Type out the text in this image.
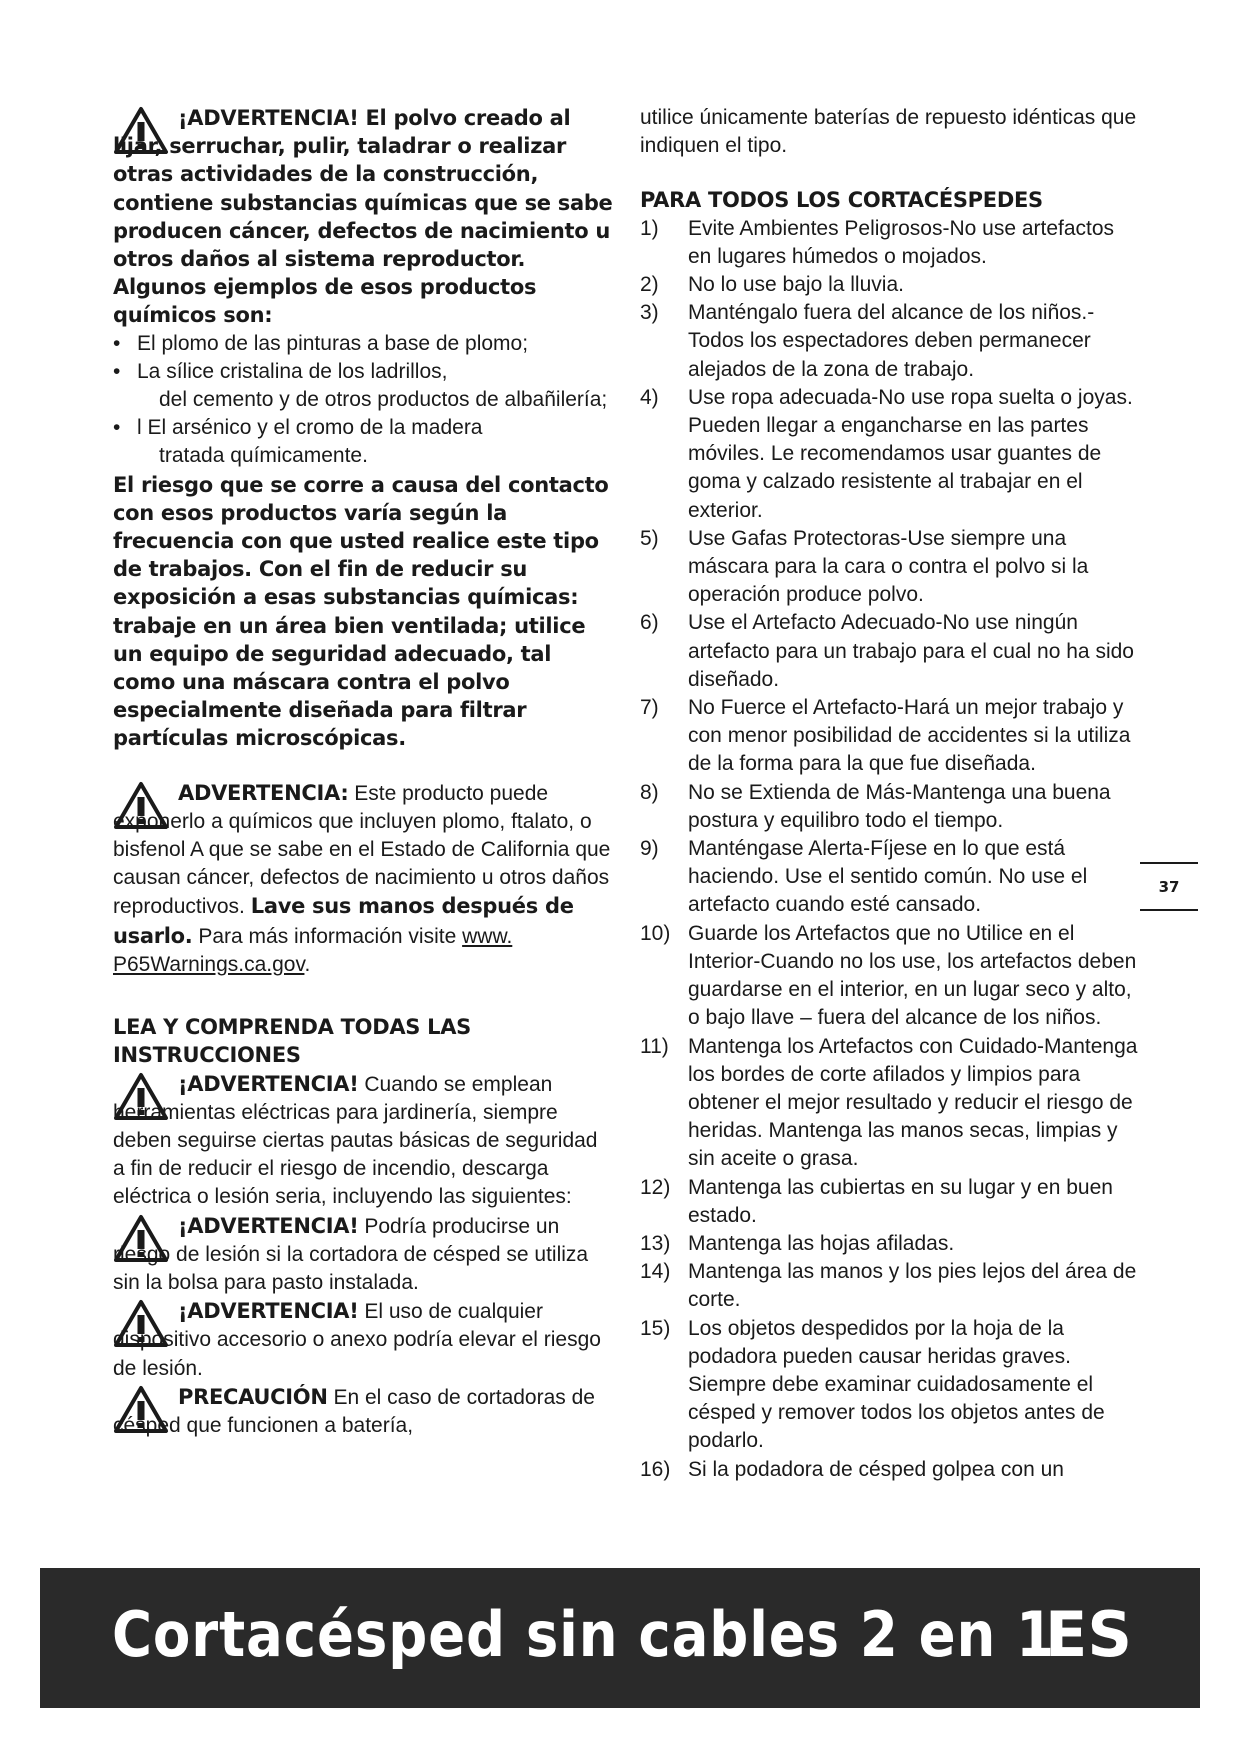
¡ADVERTENCIA! El polvo creado al lijar, serruchar, pulir, taladrar o realizar otras actividades de la construcción, contiene substancias químicas que se sabe producen cáncer, defectos de nacimiento u otros daños al sistema reproductor. Algunos ejemplos de esos productos químicos son:

• El plomo de las pinturas a base de plomo;
• La sílice cristalina de los ladrillos,
del cemento y de otros productos de albañilería;
• l El arsénico y el cromo de la madera
tratada químicamente.

El riesgo que se corre a causa del contacto con esos productos varía según la frecuencia con que usted realice este tipo de trabajos. Con el fin de reducir su exposición a esas substancias químicas: trabaje en un área bien ventilada; utilice un equipo de seguridad adecuado, tal como una máscara contra el polvo especialmente diseñada para filtrar partículas microscópicas.

ADVERTENCIA: Este producto puede exponerlo a químicos que incluyen plomo, ftalato, o bisfenol A que se sabe en el Estado de California que causan cáncer, defectos de nacimiento u otros daños reproductivos. Lave sus manos después de usarlo. Para más información visite www. P65Warnings.ca.gov.

LEA Y COMPRENDA TODAS LAS INSTRUCCIONES

¡ADVERTENCIA! Cuando se emplean herramientas eléctricas para jardinería, siempre deben seguirse ciertas pautas básicas de seguridad a fin de reducir el riesgo de incendio, descarga eléctrica o lesión seria, incluyendo las siguientes:

¡ADVERTENCIA! Podría producirse un riesgo de lesión si la cortadora de césped se utiliza sin la bolsa para pasto instalada.

¡ADVERTENCIA! El uso de cualquier dispositivo accesorio o anexo podría elevar el riesgo de lesión.

PRECAUCIÓN En el caso de cortadoras de césped que funcionen a batería,

utilice únicamente baterías de repuesto idénticas que indiquen el tipo.

PARA TODOS LOS CORTACÉSPEDES

1)	Evite Ambientes Peligrosos-No use artefactos en lugares húmedos o mojados.
2)	No lo use bajo la lluvia.
3)	Manténgalo fuera del alcance de los niños.-Todos los espectadores deben permanecer alejados de la zona de trabajo.
4)	Use ropa adecuada-No use ropa suelta o joyas. Pueden llegar a engancharse en las partes móviles. Le recomendamos usar guantes de goma y calzado resistente al trabajar en el exterior.
5)	Use Gafas Protectoras-Use siempre una máscara para la cara o contra el polvo si la operación produce polvo.
6)	Use el Artefacto Adecuado-No use ningún artefacto para un trabajo para el cual no ha sido diseñado.
7)	No Fuerce el Artefacto-Hará un mejor trabajo y con menor posibilidad de accidentes si la utiliza de la forma para la que fue diseñada.
8)	No se Extienda de Más-Mantenga una buena postura y equilibro todo el tiempo.
9)	Manténgase Alerta-Fíjese en lo que está haciendo. Use el sentido común. No use el artefacto cuando esté cansado.
10) Guarde los Artefactos que no Utilice en el Interior-Cuando no los use, los artefactos deben guardarse en el interior, en un lugar seco y alto, o bajo llave – fuera del alcance de los niños.
11) Mantenga los Artefactos con Cuidado-Mantenga los bordes de corte afilados y limpios para obtener el mejor resultado y reducir el riesgo de heridas. Mantenga las manos secas, limpias y sin aceite o grasa.
12) Mantenga las cubiertas en su lugar y en buen estado.
13) Mantenga las hojas afiladas.
14) Mantenga las manos y los pies lejos del área de corte.
15) Los objetos despedidos por la hoja de la podadora pueden causar heridas graves. Siempre debe examinar cuidadosamente el césped y remover todos los objetos antes de podarlo.
16) Si la podadora de césped golpea con un
37
Cortacésped sin cables 2 en 1
ES
